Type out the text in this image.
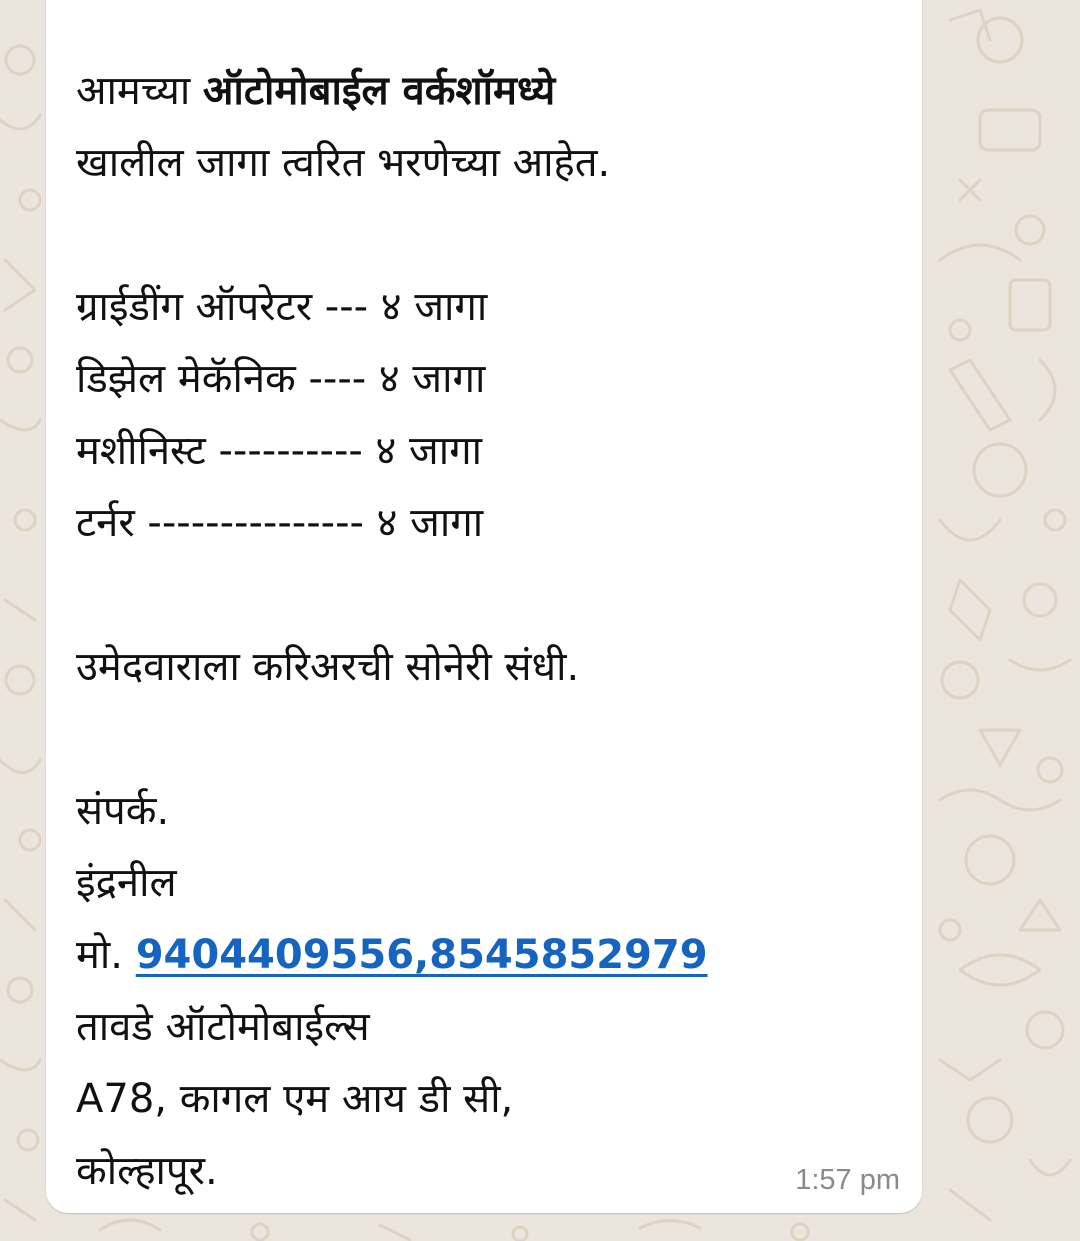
आमच्या ऑटोमोबाईल वर्कशॉमध्ये
खालील जागा त्वरित भरणेच्या आहेत.
ग्राईडींग ऑपरेटर --- ४ जागा
डिझेल मेकॅनिक ---- ४ जागा
मशीनिस्ट ---------- ४ जागा
टर्नर --------------- ४ जागा
उमेदवाराला करिअरची सोनेरी संधी.
संपर्क.
इंद्रनील
मो. 9404409556,8545852979
तावडे ऑटोमोबाईल्स
A78, कागल एम आय डी सी,
कोल्हापूर.	1:57 pm
